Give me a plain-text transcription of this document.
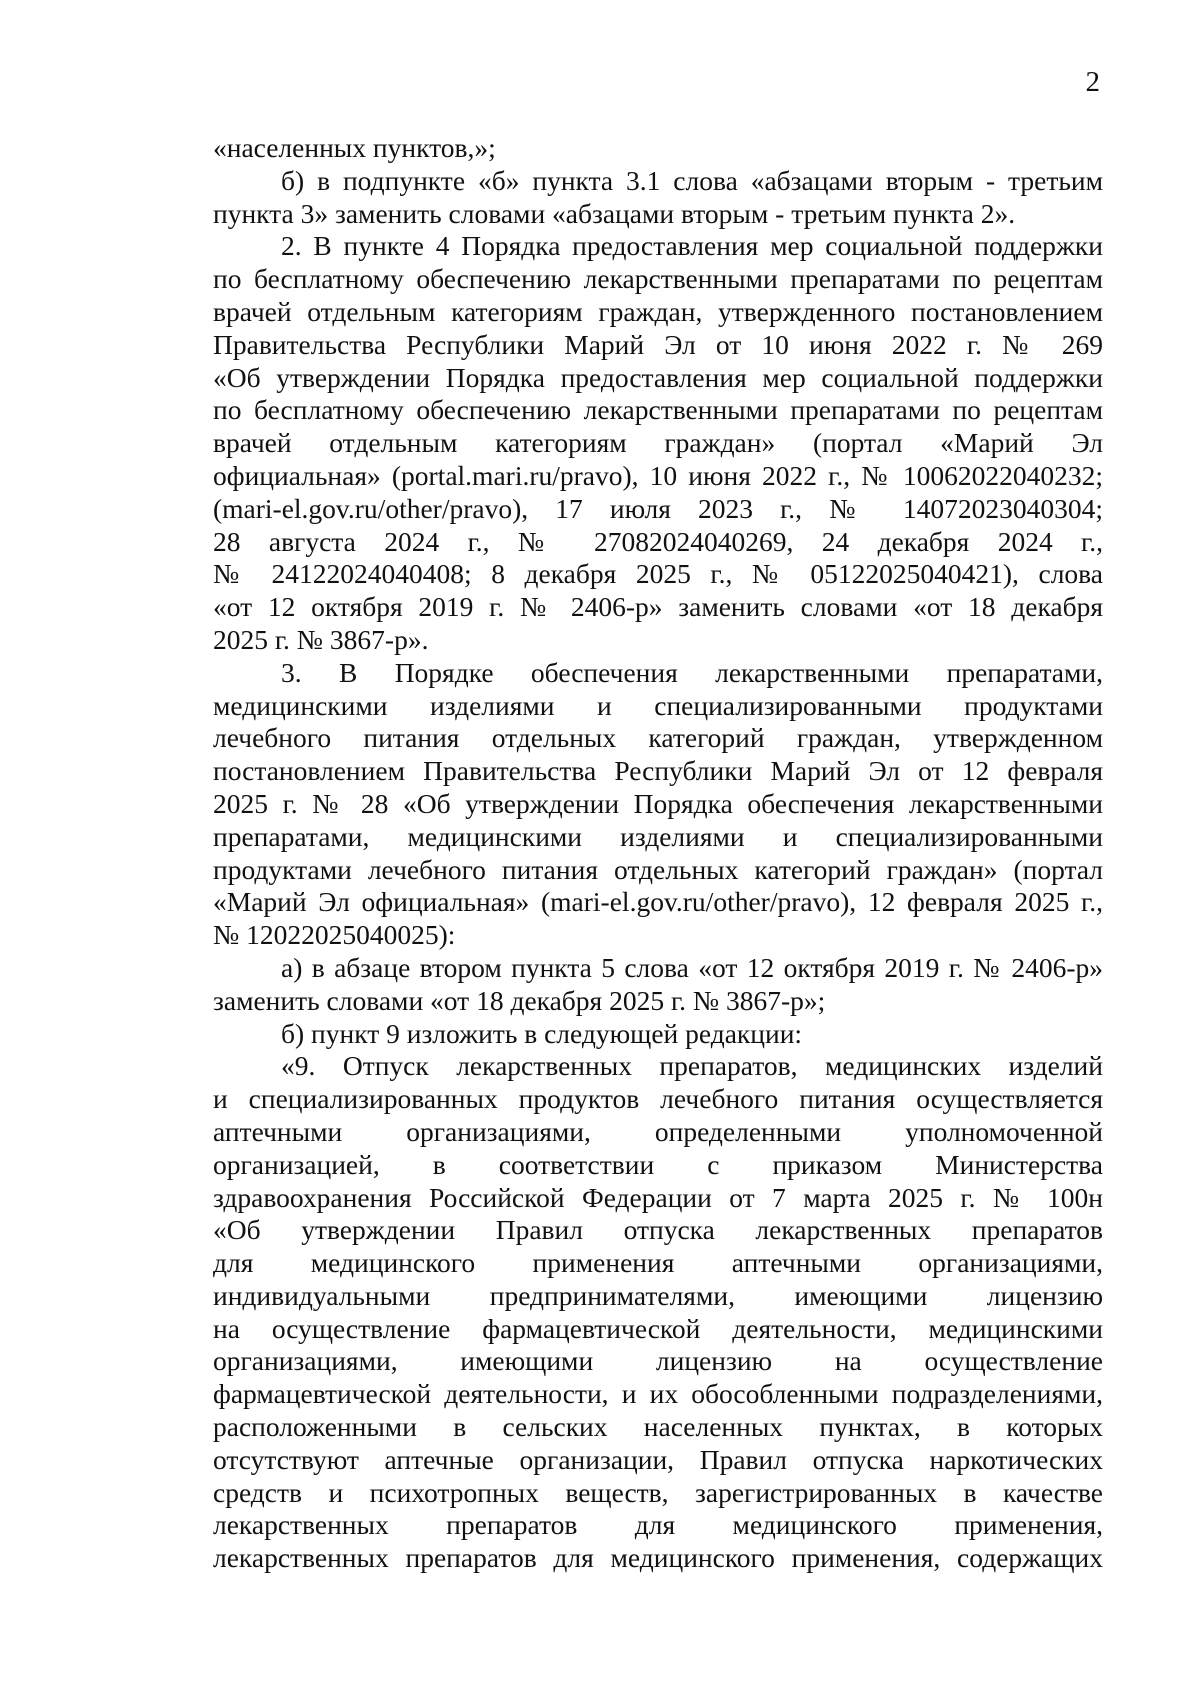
2
«населенных пунктов,»;
б) в подпункте «б» пункта 3.1 слова «абзацами вторым - третьим
пункта 3» заменить словами «абзацами вторым - третьим пункта 2».
2. В пункте 4 Порядка предоставления мер социальной поддержки
по бесплатному обеспечению лекарственными препаратами по рецептам
врачей отдельным категориям граждан, утвержденного постановлением
Правительства Республики Марий Эл от 10 июня 2022 г. № 269
«Об утверждении Порядка предоставления мер социальной поддержки
по бесплатному обеспечению лекарственными препаратами по рецептам
врачей отдельным категориям граждан» (портал «Марий Эл
официальная» (portal.mari.ru/pravo), 10 июня 2022 г., № 10062022040232;
(mari-el.gov.ru/other/pravo), 17 июля 2023 г., № 14072023040304;
28 августа 2024 г., № 27082024040269, 24 декабря 2024 г.,
№ 24122024040408; 8 декабря 2025 г., № 05122025040421), слова
«от 12 октября 2019 г. № 2406-р» заменить словами «от 18 декабря
2025 г. № 3867-р».
3. В Порядке обеспечения лекарственными препаратами,
медицинскими изделиями и специализированными продуктами
лечебного питания отдельных категорий граждан, утвержденном
постановлением Правительства Республики Марий Эл от 12 февраля
2025 г. № 28 «Об утверждении Порядка обеспечения лекарственными
препаратами, медицинскими изделиями и специализированными
продуктами лечебного питания отдельных категорий граждан» (портал
«Марий Эл официальная» (mari-el.gov.ru/other/pravo), 12 февраля 2025 г.,
№ 12022025040025):
а) в абзаце втором пункта 5 слова «от 12 октября 2019 г. № 2406-р»
заменить словами «от 18 декабря 2025 г. № 3867-р»;
б) пункт 9 изложить в следующей редакции:
«9. Отпуск лекарственных препаратов, медицинских изделий
и специализированных продуктов лечебного питания осуществляется
аптечными организациями, определенными уполномоченной
организацией, в соответствии с приказом Министерства
здравоохранения Российской Федерации от 7 марта 2025 г. № 100н
«Об утверждении Правил отпуска лекарственных препаратов
для медицинского применения аптечными организациями,
индивидуальными предпринимателями, имеющими лицензию
на осуществление фармацевтической деятельности, медицинскими
организациями, имеющими лицензию на осуществление
фармацевтической деятельности, и их обособленными подразделениями,
расположенными в сельских населенных пунктах, в которых
отсутствуют аптечные организации, Правил отпуска наркотических
средств и психотропных веществ, зарегистрированных в качестве
лекарственных препаратов для медицинского применения,
лекарственных препаратов для медицинского применения, содержащих
